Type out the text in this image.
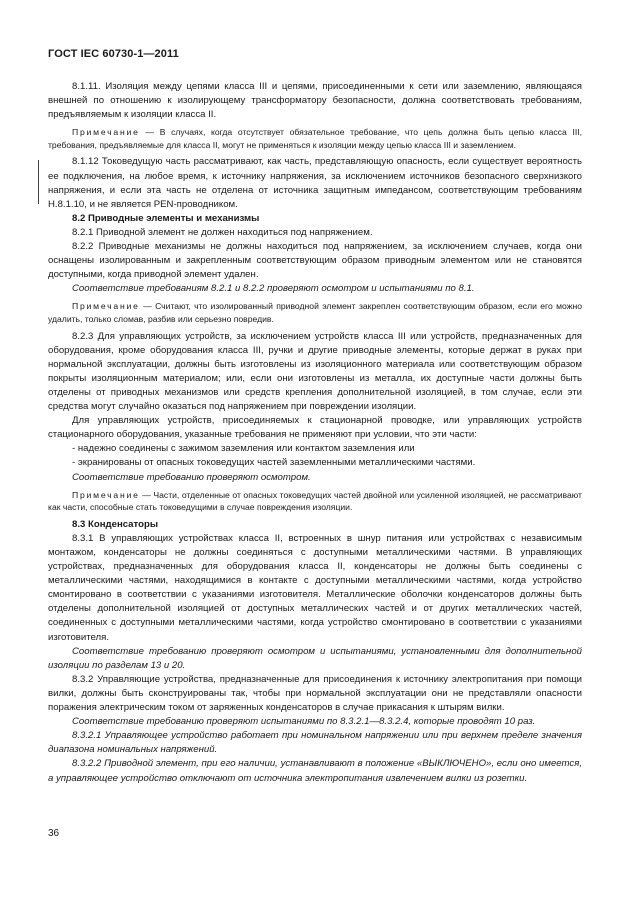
ГОСТ IEC 60730-1—2011

8.1.11. Изоляция между цепями класса III и цепями, присоединенными к сети или заземлению, являющаяся внешней по отношению к изолирующему трансформатору безопасности, должна соответствовать требованиям, предъявляемым к изоляции класса II.

Примечание — В случаях, когда отсутствует обязательное требование, что цепь должна быть цепью класса III, требования, предъявляемые для класса II, могут не применяться к изоляции между цепью класса III и заземлением.

8.1.12 Токоведущую часть рассматривают, как часть, представляющую опасность, если существует вероятность ее подключения, на любое время, к источнику напряжения, за исключением источников безопасного сверхнизкого напряжения, и если эта часть не отделена от источника защитным импедансом, соответствующим требованиям Н.8.1.10, и не является PEN-проводником.

8.2 Приводные элементы и механизмы

8.2.1 Приводной элемент не должен находиться под напряжением.

8.2.2 Приводные механизмы не должны находиться под напряжением, за исключением случаев, когда они оснащены изолированным и закрепленным соответствующим образом приводным элементом или не становятся доступными, когда приводной элемент удален.

Соответствие требованиям 8.2.1 и 8.2.2 проверяют осмотром и испытаниями по 8.1.

Примечание — Считают, что изолированный приводной элемент закреплен соответствующим образом, если его можно удалить, только сломав, разбив или серьезно повредив.

8.2.3 Для управляющих устройств, за исключением устройств класса III или устройств, предназначенных для оборудования, кроме оборудования класса III, ручки и другие приводные элементы, которые держат в руках при нормальной эксплуатации, должны быть изготовлены из изоляционного материала или соответствующим образом покрыты изоляционным материалом; или, если они изготовлены из металла, их доступные части должны быть отделены от приводных механизмов или средств крепления дополнительной изоляцией, в том случае, если эти средства могут случайно оказаться под напряжением при повреждении изоляции.

Для управляющих устройств, присоединяемых к стационарной проводке, или управляющих устройств стационарного оборудования, указанные требования не применяют при условии, что эти части:

- надежно соединены с зажимом заземления или контактом заземления или

- экранированы от опасных токоведущих частей заземленными металлическими частями.

Соответствие требованию проверяют осмотром.

Примечание — Части, отделенные от опасных токоведущих частей двойной или усиленной изоляцией, не рассматривают как части, способные стать токоведущими в случае повреждения изоляции.

8.3 Конденсаторы

8.3.1 В управляющих устройствах класса II, встроенных в шнур питания или устройствах с независимым монтажом, конденсаторы не должны соединяться с доступными металлическими частями. В управляющих устройствах, предназначенных для оборудования класса II, конденсаторы не должны быть соединены с металлическими частями, находящимися в контакте с доступными металлическими частями, когда устройство смонтировано в соответствии с указаниями изготовителя. Металлические оболочки конденсаторов должны быть отделены дополнительной изоляцией от доступных металлических частей и от других металлических частей, соединенных с доступными металлическими частями, когда устройство смонтировано в соответствии с указаниями изготовителя.

Соответствие требованию проверяют осмотром и испытаниями, установленными для дополнительной изоляции по разделам 13 и 20.

8.3.2 Управляющие устройства, предназначенные для присоединения к источнику электропитания при помощи вилки, должны быть сконструированы так, чтобы при нормальной эксплуатации они не представляли опасности поражения электрическим током от заряженных конденсаторов в случае прикасания к штырям вилки.

Соответствие требованию проверяют испытаниями по 8.3.2.1—8.3.2.4, которые проводят 10 раз.

8.3.2.1 Управляющее устройство работает при номинальном напряжении или при верхнем пределе значения диапазона номинальных напряжений.

8.3.2.2 Приводной элемент, при его наличии, устанавливают в положение «ВЫКЛЮЧЕНО», если оно имеется, а управляющее устройство отключают от источника электропитания извлечением вилки из розетки.

36
